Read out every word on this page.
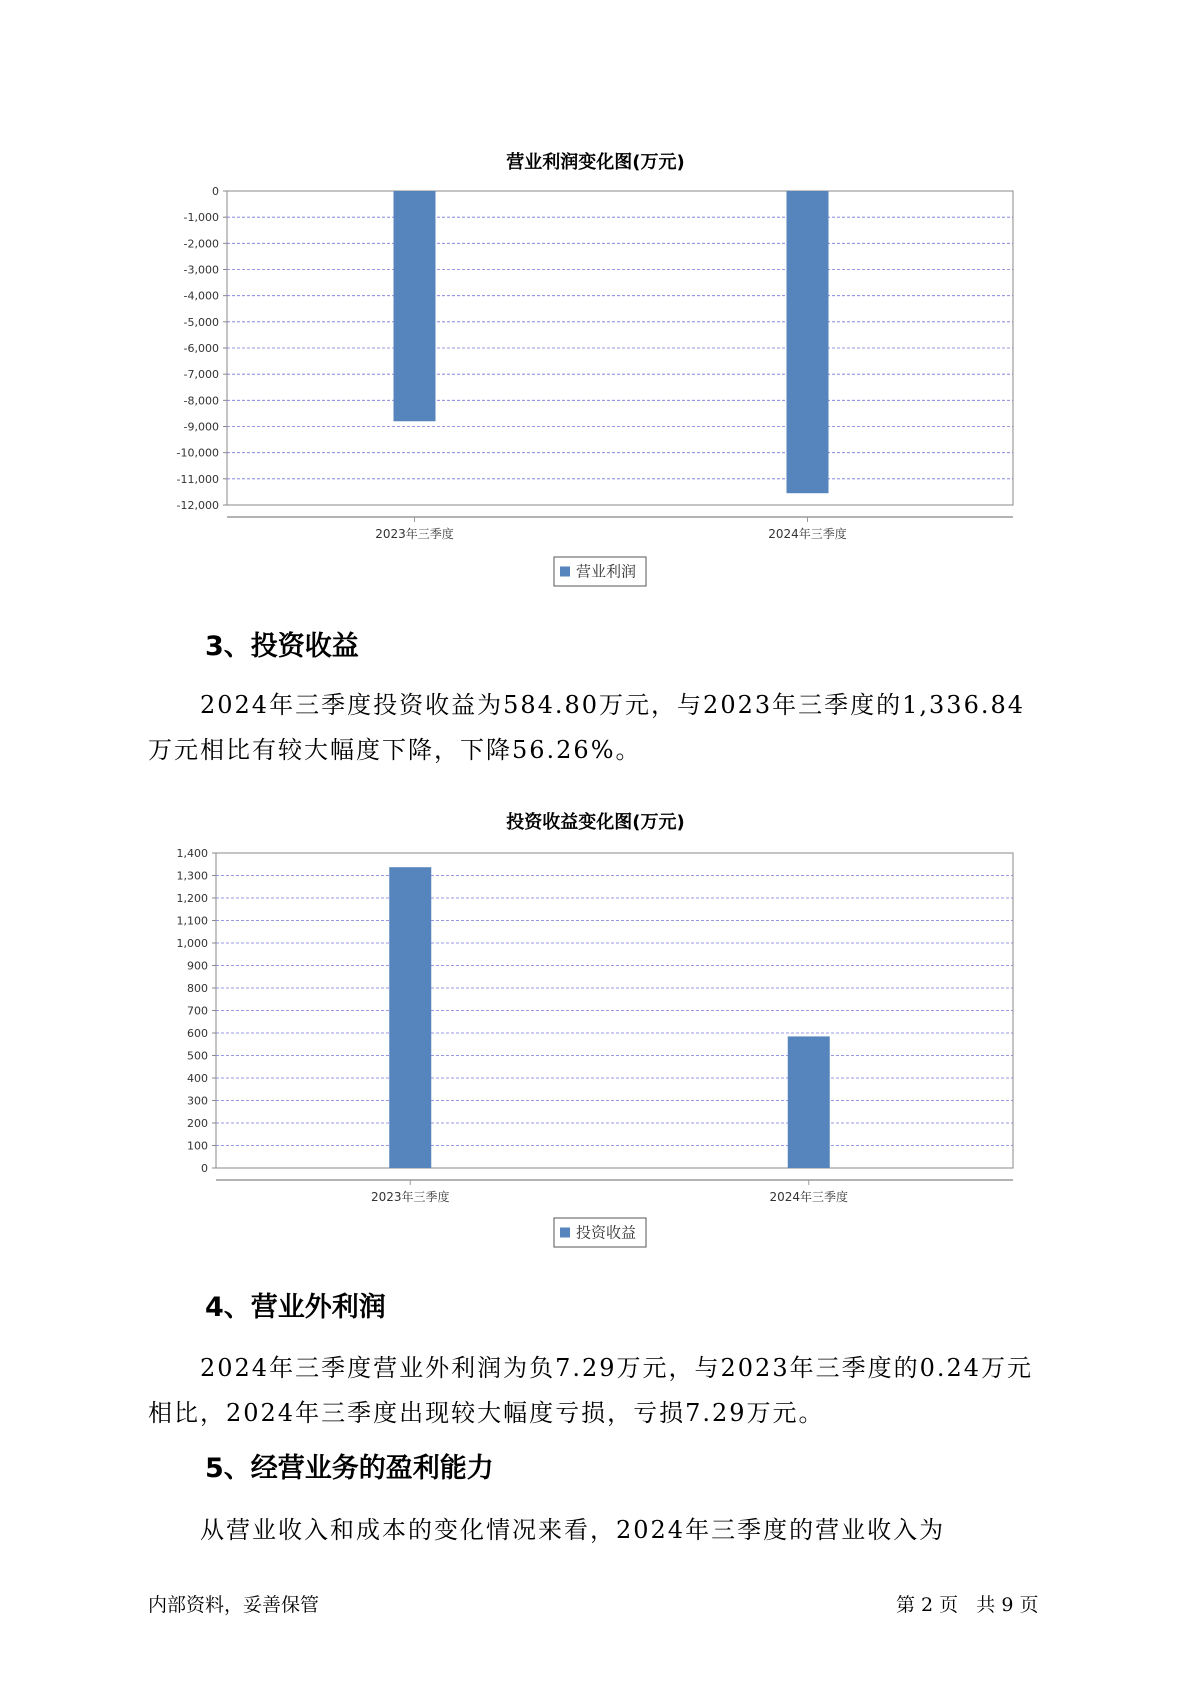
营业利润变化图(万元)
0
-1,000
-2,000
-3,000
-4,000
-5,000
-6,000
-7,000
-8,000
-9,000
-10,000
-11,000
-12,000
2023年三季度	2024年三季度
营业利润
3、投资收益
2024年三季度投资收益为584.80万元，与2023年三季度的1,336.84万元相比有较大幅度下降，下降56.26%。
投资收益变化图(万元)
1,400
1,300
1,200
1,100
1,000
900
800
700
600
500
400
300
200
100
0
2023年三季度	2024年三季度
投资收益
4、营业外利润
2024年三季度营业外利润为负7.29万元，与2023年三季度的0.24万元相比，2024年三季度出现较大幅度亏损，亏损7.29万元。
5、经营业务的盈利能力
从营业收入和成本的变化情况来看，2024年三季度的营业收入为
内部资料，妥善保管	第 2 页   共 9 页
